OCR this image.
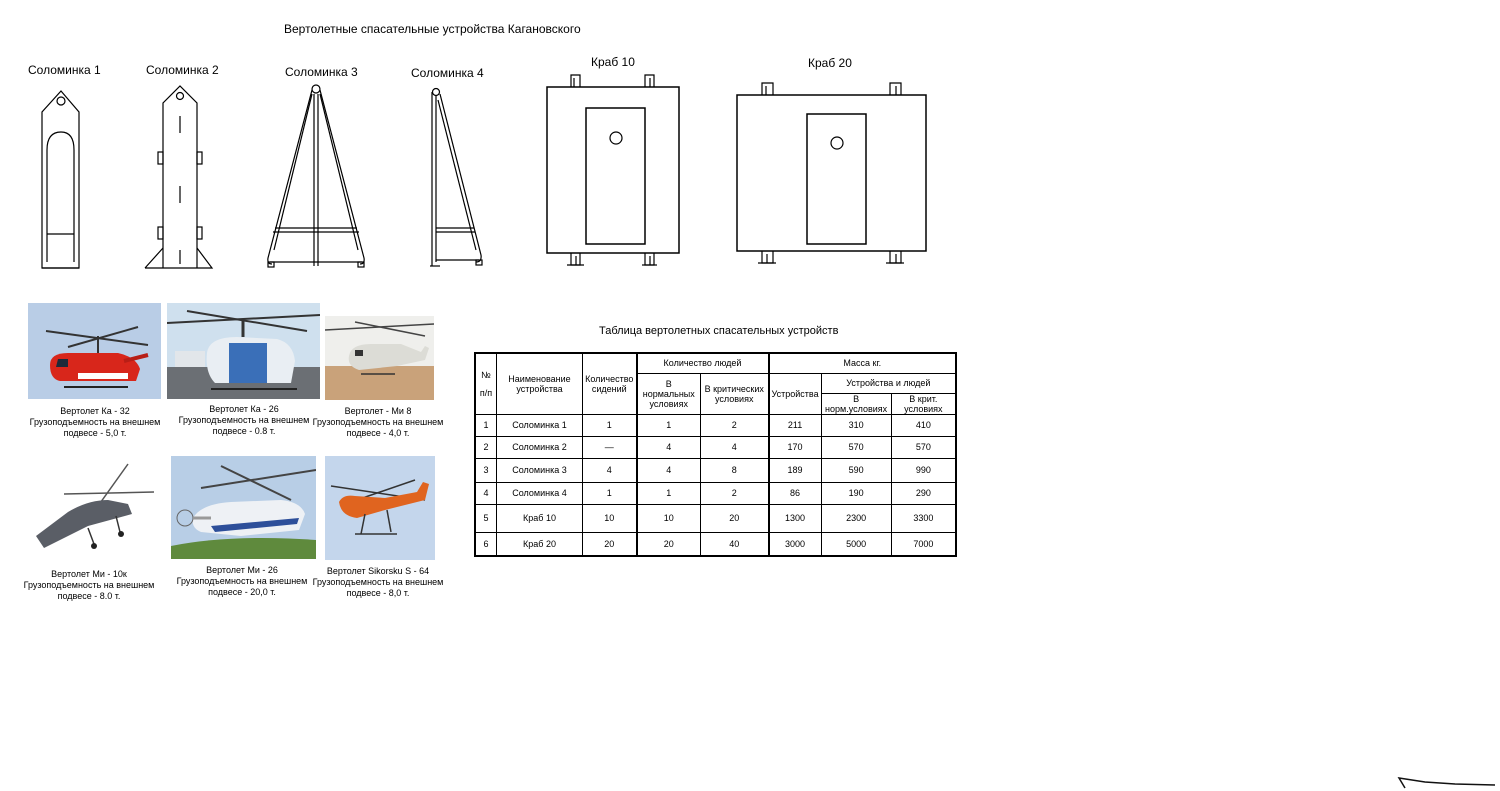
Вертолетные спасательные устройства Кагановского
Соломинка 1	Соломинка 2	Соломинка 3	Соломинка 4
Краб 10	Краб 20
Вертолет Ка - 32
Грузоподъемность на внешнем
подвесе - 5,0 т.
Вертолет Ка - 26
Грузоподъемность на внешнем
подвесе - 0.8 т.
Вертолет - Ми 8
Грузоподъемность на внешнем
подвесе - 4,0 т.
Вертолет Ми - 10к
Грузоподъемность на внешнем
подвесе - 8.0 т.
Вертолет Ми - 26
Грузоподъемность на внешнем
подвесе - 20,0 т.
Вертолет Sikorsku S - 64
Грузоподъемность на внешнем
подвесе - 8,0 т.
Таблица вертолетных спасательных устройств
№
п/п	Наименование устройства	Количество сидений	Количество людей		Масса кг.		
			В нормальных условиях	В критических условиях	Устройства	Устройства и людей	
						В норм.условиях	В крит. условиях
1	Соломинка 1	1	1	2	211	310	410
2	Соломинка 2	—	4	4	170	570	570
3	Соломинка 3	4	4	8	189	590	990
4	Соломинка 4	1	1	2	86	190	290
5	Краб 10	10	10	20	1300	2300	3300
6	Краб 20	20	20	40	3000	5000	7000
